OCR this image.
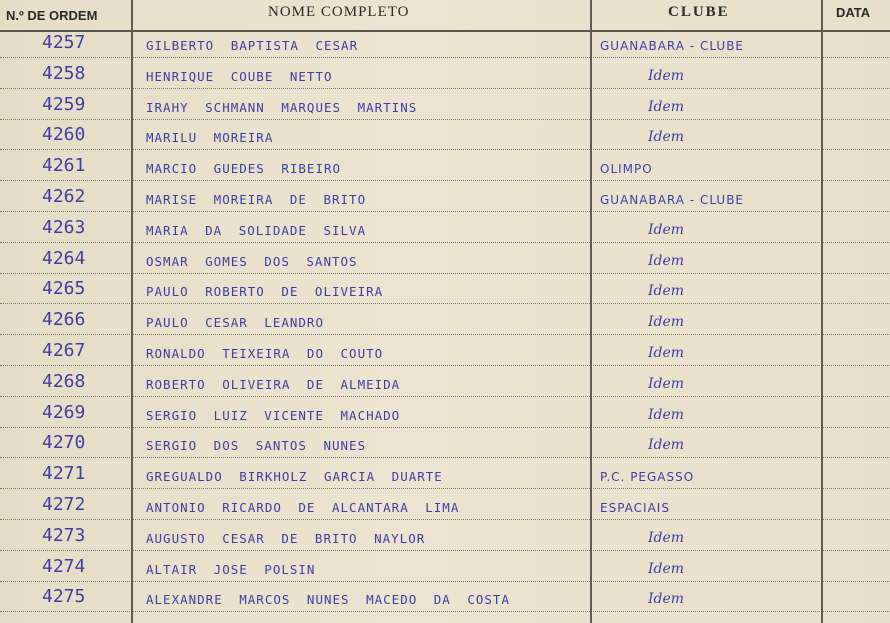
N.º DE ORDEM	NOME COMPLETO	CLUBE	DATA
4257	GILBERTO BAPTISTA CESAR	GUANABARA - CLUBE
4258	HENRIQUE COUBE NETTO	Idem
4259	IRAHY SCHMANN MARQUES MARTINS	Idem
4260	MARILU MOREIRA	Idem
4261	MARCIO GUEDES RIBEIRO	OLIMPO
4262	MARISE MOREIRA DE BRITO	GUANABARA - CLUBE
4263	MARIA DA SOLIDADE SILVA	Idem
4264	OSMAR GOMES DOS SANTOS	Idem
4265	PAULO ROBERTO DE OLIVEIRA	Idem
4266	PAULO CESAR LEANDRO	Idem
4267	RONALDO TEIXEIRA DO COUTO	Idem
4268	ROBERTO OLIVEIRA DE ALMEIDA	Idem
4269	SERGIO LUIZ VICENTE MACHADO	Idem
4270	SERGIO DOS SANTOS NUNES	Idem
4271	GREGUALDO BIRKHOLZ GARCIA DUARTE	P.C. PEGASSO
4272	ANTONIO RICARDO DE ALCANTARA LIMA	ESPACIAIS
4273	AUGUSTO CESAR DE BRITO NAYLOR	Idem
4274	ALTAIR JOSE POLSIN	Idem
4275	ALEXANDRE MARCOS NUNES MACEDO DA COSTA	Idem
